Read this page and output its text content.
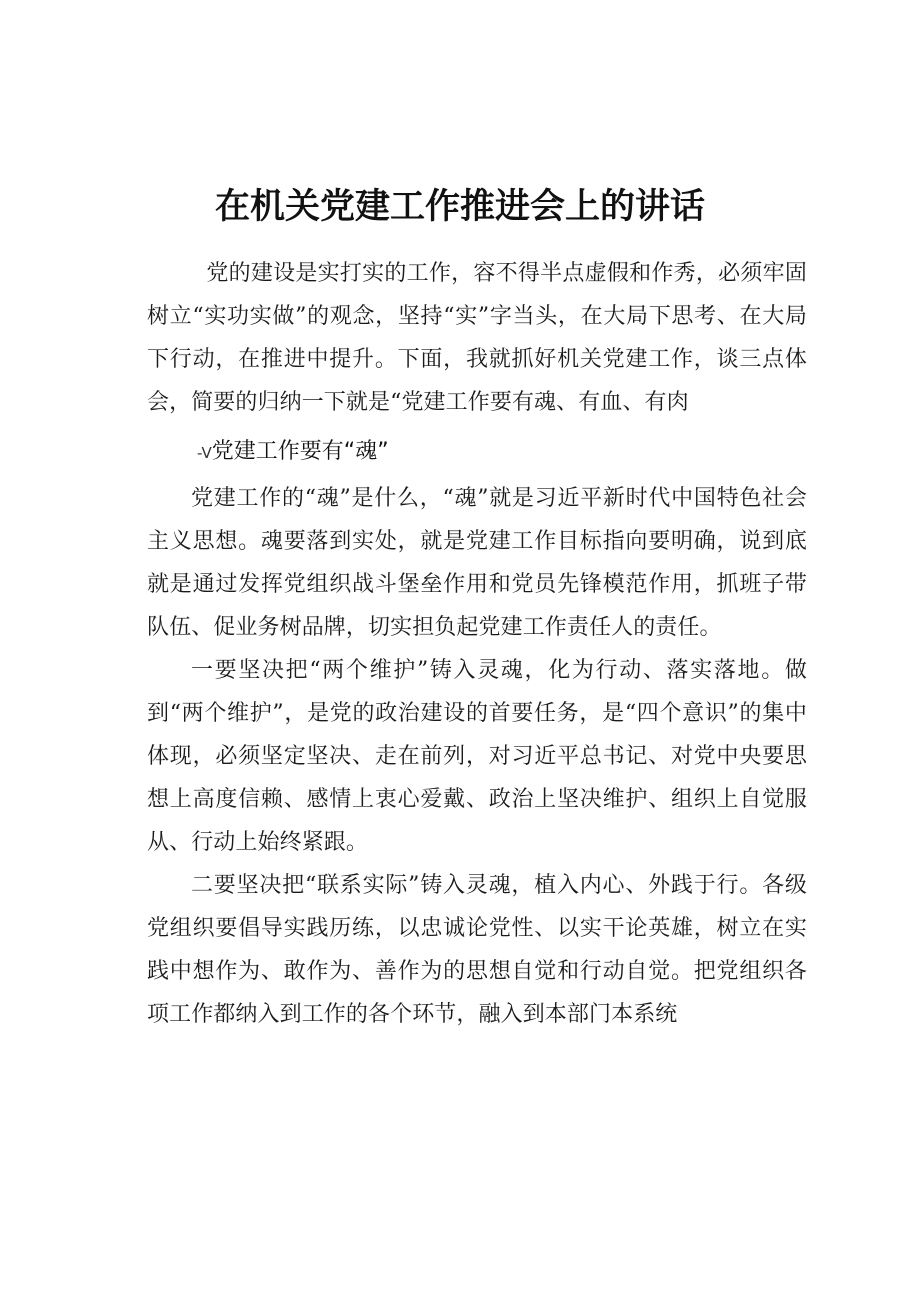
在机关党建工作推进会上的讲话

党的建设是实打实的工作，容不得半点虚假和作秀，必须牢固树立“实功实做”的观念，坚持“实”字当头，在大局下思考、在大局下行动，在推进中提升。下面，我就抓好机关党建工作，谈三点体会，简要的归纳一下就是“党建工作要有魂、有血、有肉

-V党建工作要有“魂”

党建工作的“魂”是什么，“魂”就是习近平新时代中国特色社会主义思想。魂要落到实处，就是党建工作目标指向要明确，说到底就是通过发挥党组织战斗堡垒作用和党员先锋模范作用，抓班子带队伍、促业务树品牌，切实担负起党建工作责任人的责任。

一要坚决把“两个维护”铸入灵魂，化为行动、落实落地。做到“两个维护”，是党的政治建设的首要任务，是“四个意识”的集中体现，必须坚定坚决、走在前列，对习近平总书记、对党中央要思想上高度信赖、感情上衷心爱戴、政治上坚决维护、组织上自觉服从、行动上始终紧跟。

二要坚决把“联系实际”铸入灵魂，植入内心、外践于行。各级党组织要倡导实践历练，以忠诚论党性、以实干论英雄，树立在实践中想作为、敢作为、善作为的思想自觉和行动自觉。把党组织各项工作都纳入到工作的各个环节，融入到本部门本系统
